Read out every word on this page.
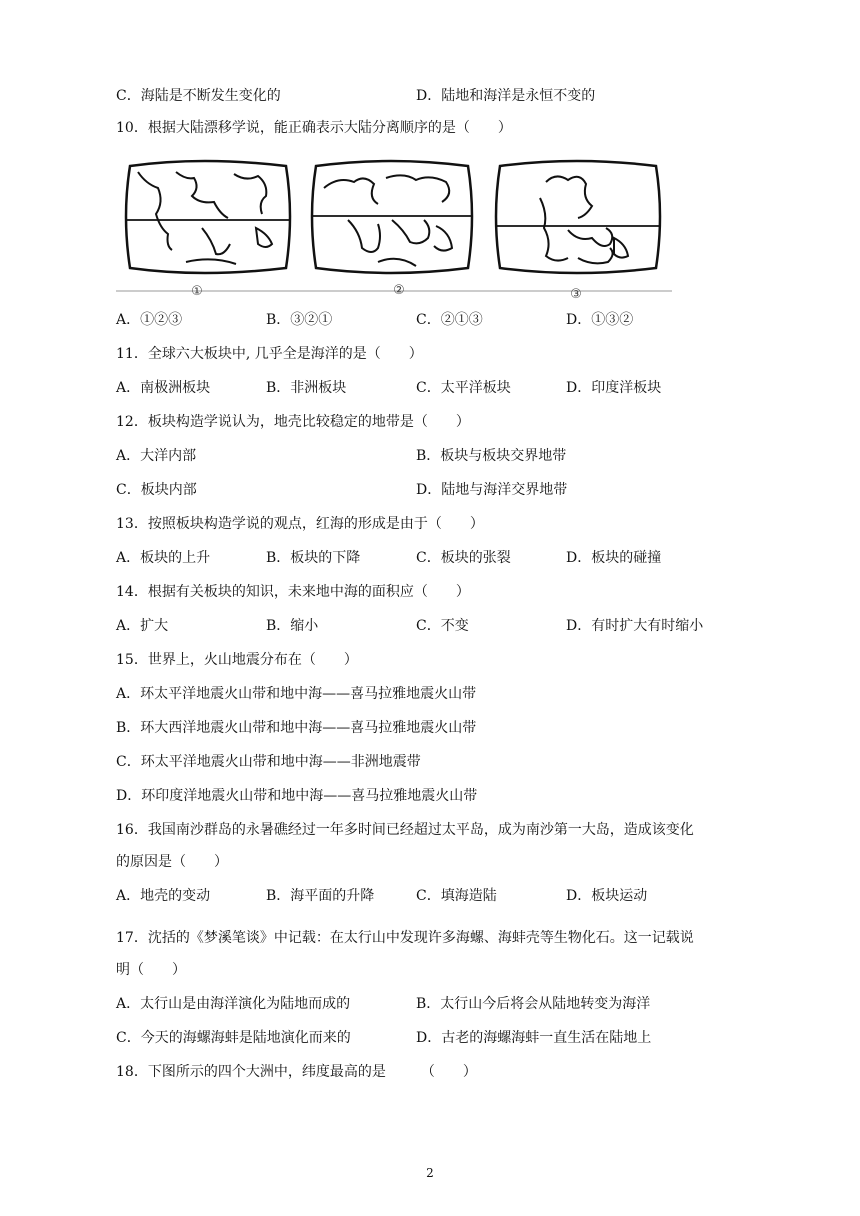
C．海陆是不断发生变化的	D．陆地和海洋是永恒不变的
10．根据大陆漂移学说，能正确表示大陆分离顺序的是（　　）
①	②	③
A．①②③	B．③②①	C．②①③	D．①③②
11．全球六大板块中, 几乎全是海洋的是（　　）
A．南极洲板块	B．非洲板块	C．太平洋板块	D．印度洋板块
12．板块构造学说认为，地壳比较稳定的地带是（　　）
A．大洋内部	B．板块与板块交界地带
C．板块内部	D．陆地与海洋交界地带
13．按照板块构造学说的观点，红海的形成是由于（　　）
A．板块的上升	B．板块的下降	C．板块的张裂	D．板块的碰撞
14．根据有关板块的知识，未来地中海的面积应（　　）
A．扩大	B．缩小	C．不变	D．有时扩大有时缩小
15．世界上，火山地震分布在（　　）
A．环太平洋地震火山带和地中海——喜马拉雅地震火山带
B．环大西洋地震火山带和地中海——喜马拉雅地震火山带
C．环太平洋地震火山带和地中海——非洲地震带
D．环印度洋地震火山带和地中海——喜马拉雅地震火山带
16．我国南沙群岛的永暑礁经过一年多时间已经超过太平岛，成为南沙第一大岛，造成该变化
的原因是（　　）
A．地壳的变动	B．海平面的升降	C．填海造陆	D．板块运动
17．沈括的《梦溪笔谈》中记载：在太行山中发现许多海螺、海蚌壳等生物化石。这一记载说
明（　　）
A．太行山是由海洋演化为陆地而成的	B．太行山今后将会从陆地转变为海洋
C．今天的海螺海蚌是陆地演化而来的	D．古老的海螺海蚌一直生活在陆地上
18．下图所示的四个大洲中，纬度最高的是　　　（　　）
2
